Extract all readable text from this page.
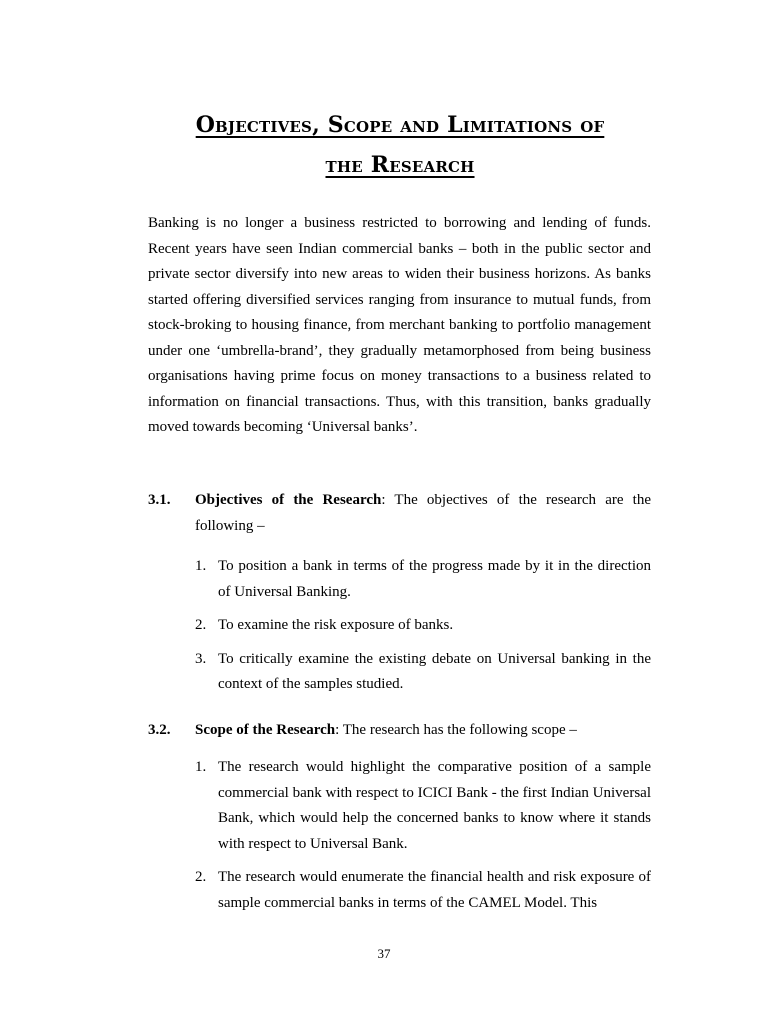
Objectives, Scope and Limitations of
the Research
Banking is no longer a business restricted to borrowing and lending of funds. Recent years have seen Indian commercial banks – both in the public sector and private sector diversify into new areas to widen their business horizons. As banks started offering diversified services ranging from insurance to mutual funds, from stock-broking to housing finance, from merchant banking to portfolio management under one ‘umbrella-brand’, they gradually metamorphosed from being business organisations having prime focus on money transactions to a business related to information on financial transactions. Thus, with this transition, banks gradually moved towards becoming ‘Universal banks’.
3.1. Objectives of the Research: The objectives of the research are the following –
1. To position a bank in terms of the progress made by it in the direction of Universal Banking.
2. To examine the risk exposure of banks.
3. To critically examine the existing debate on Universal banking in the context of the samples studied.
3.2. Scope of the Research: The research has the following scope –
1. The research would highlight the comparative position of a sample commercial bank with respect to ICICI Bank - the first Indian Universal Bank, which would help the concerned banks to know where it stands with respect to Universal Bank.
2. The research would enumerate the financial health and risk exposure of sample commercial banks in terms of the CAMEL Model. This
37
